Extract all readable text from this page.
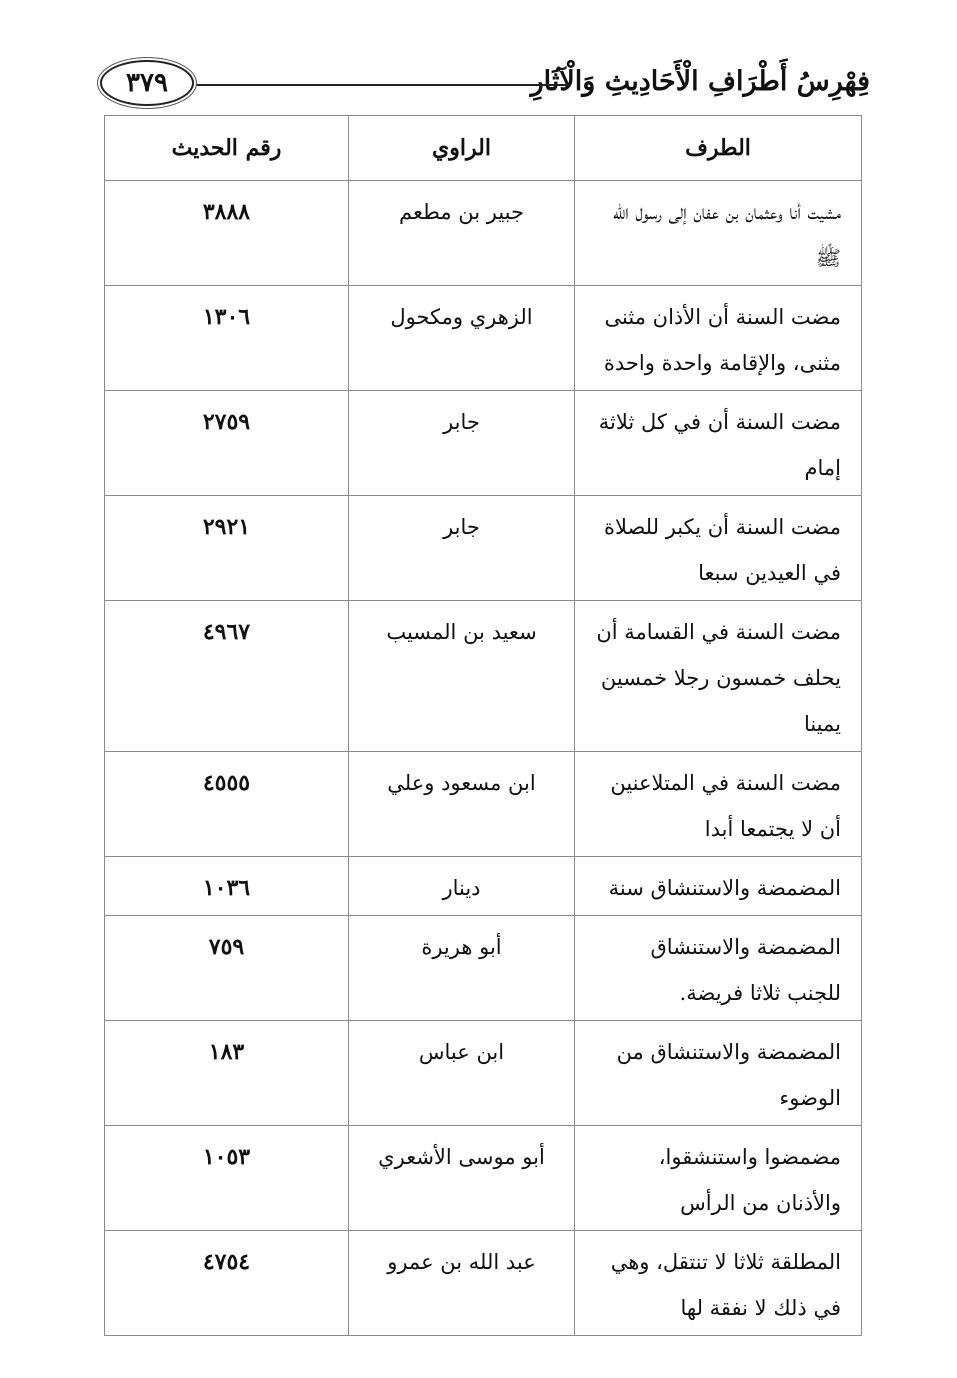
فِهْرِسُ أَطْرَافِ الْأَحَادِيثِ وَالْآثَارِ
٣٧٩
الطرف	الراوي	رقم الحديث
مشيت أنا وعثمان بن عفان إلى رسول الله ﷺ	جبير بن مطعم	٣٨٨٨
مضت السنة أن الأذان مثنى مثنى، والإقامة واحدة واحدة	الزهري ومكحول	١٣٠٦
مضت السنة أن في كل ثلاثة إمام	جابر	٢٧٥٩
مضت السنة أن يكبر للصلاة في العيدين سبعا	جابر	٢٩٢١
مضت السنة في القسامة أن يحلف خمسون رجلا خمسين يمينا	سعيد بن المسيب	٤٩٦٧
مضت السنة في المتلاعنين أن لا يجتمعا أبدا	ابن مسعود وعلي	٤٥٥٥
المضمضة والاستنشاق سنة	دينار	١٠٣٦
المضمضة والاستنشاق للجنب ثلاثا فريضة.	أبو هريرة	٧٥٩
المضمضة والاستنشاق من الوضوء	ابن عباس	١٨٣
مضمضوا واستنشقوا، والأذنان من الرأس	أبو موسى الأشعري	١٠٥٣
المطلقة ثلاثا لا تنتقل، وهي في ذلك لا نفقة لها	عبد الله بن عمرو	٤٧٥٤
